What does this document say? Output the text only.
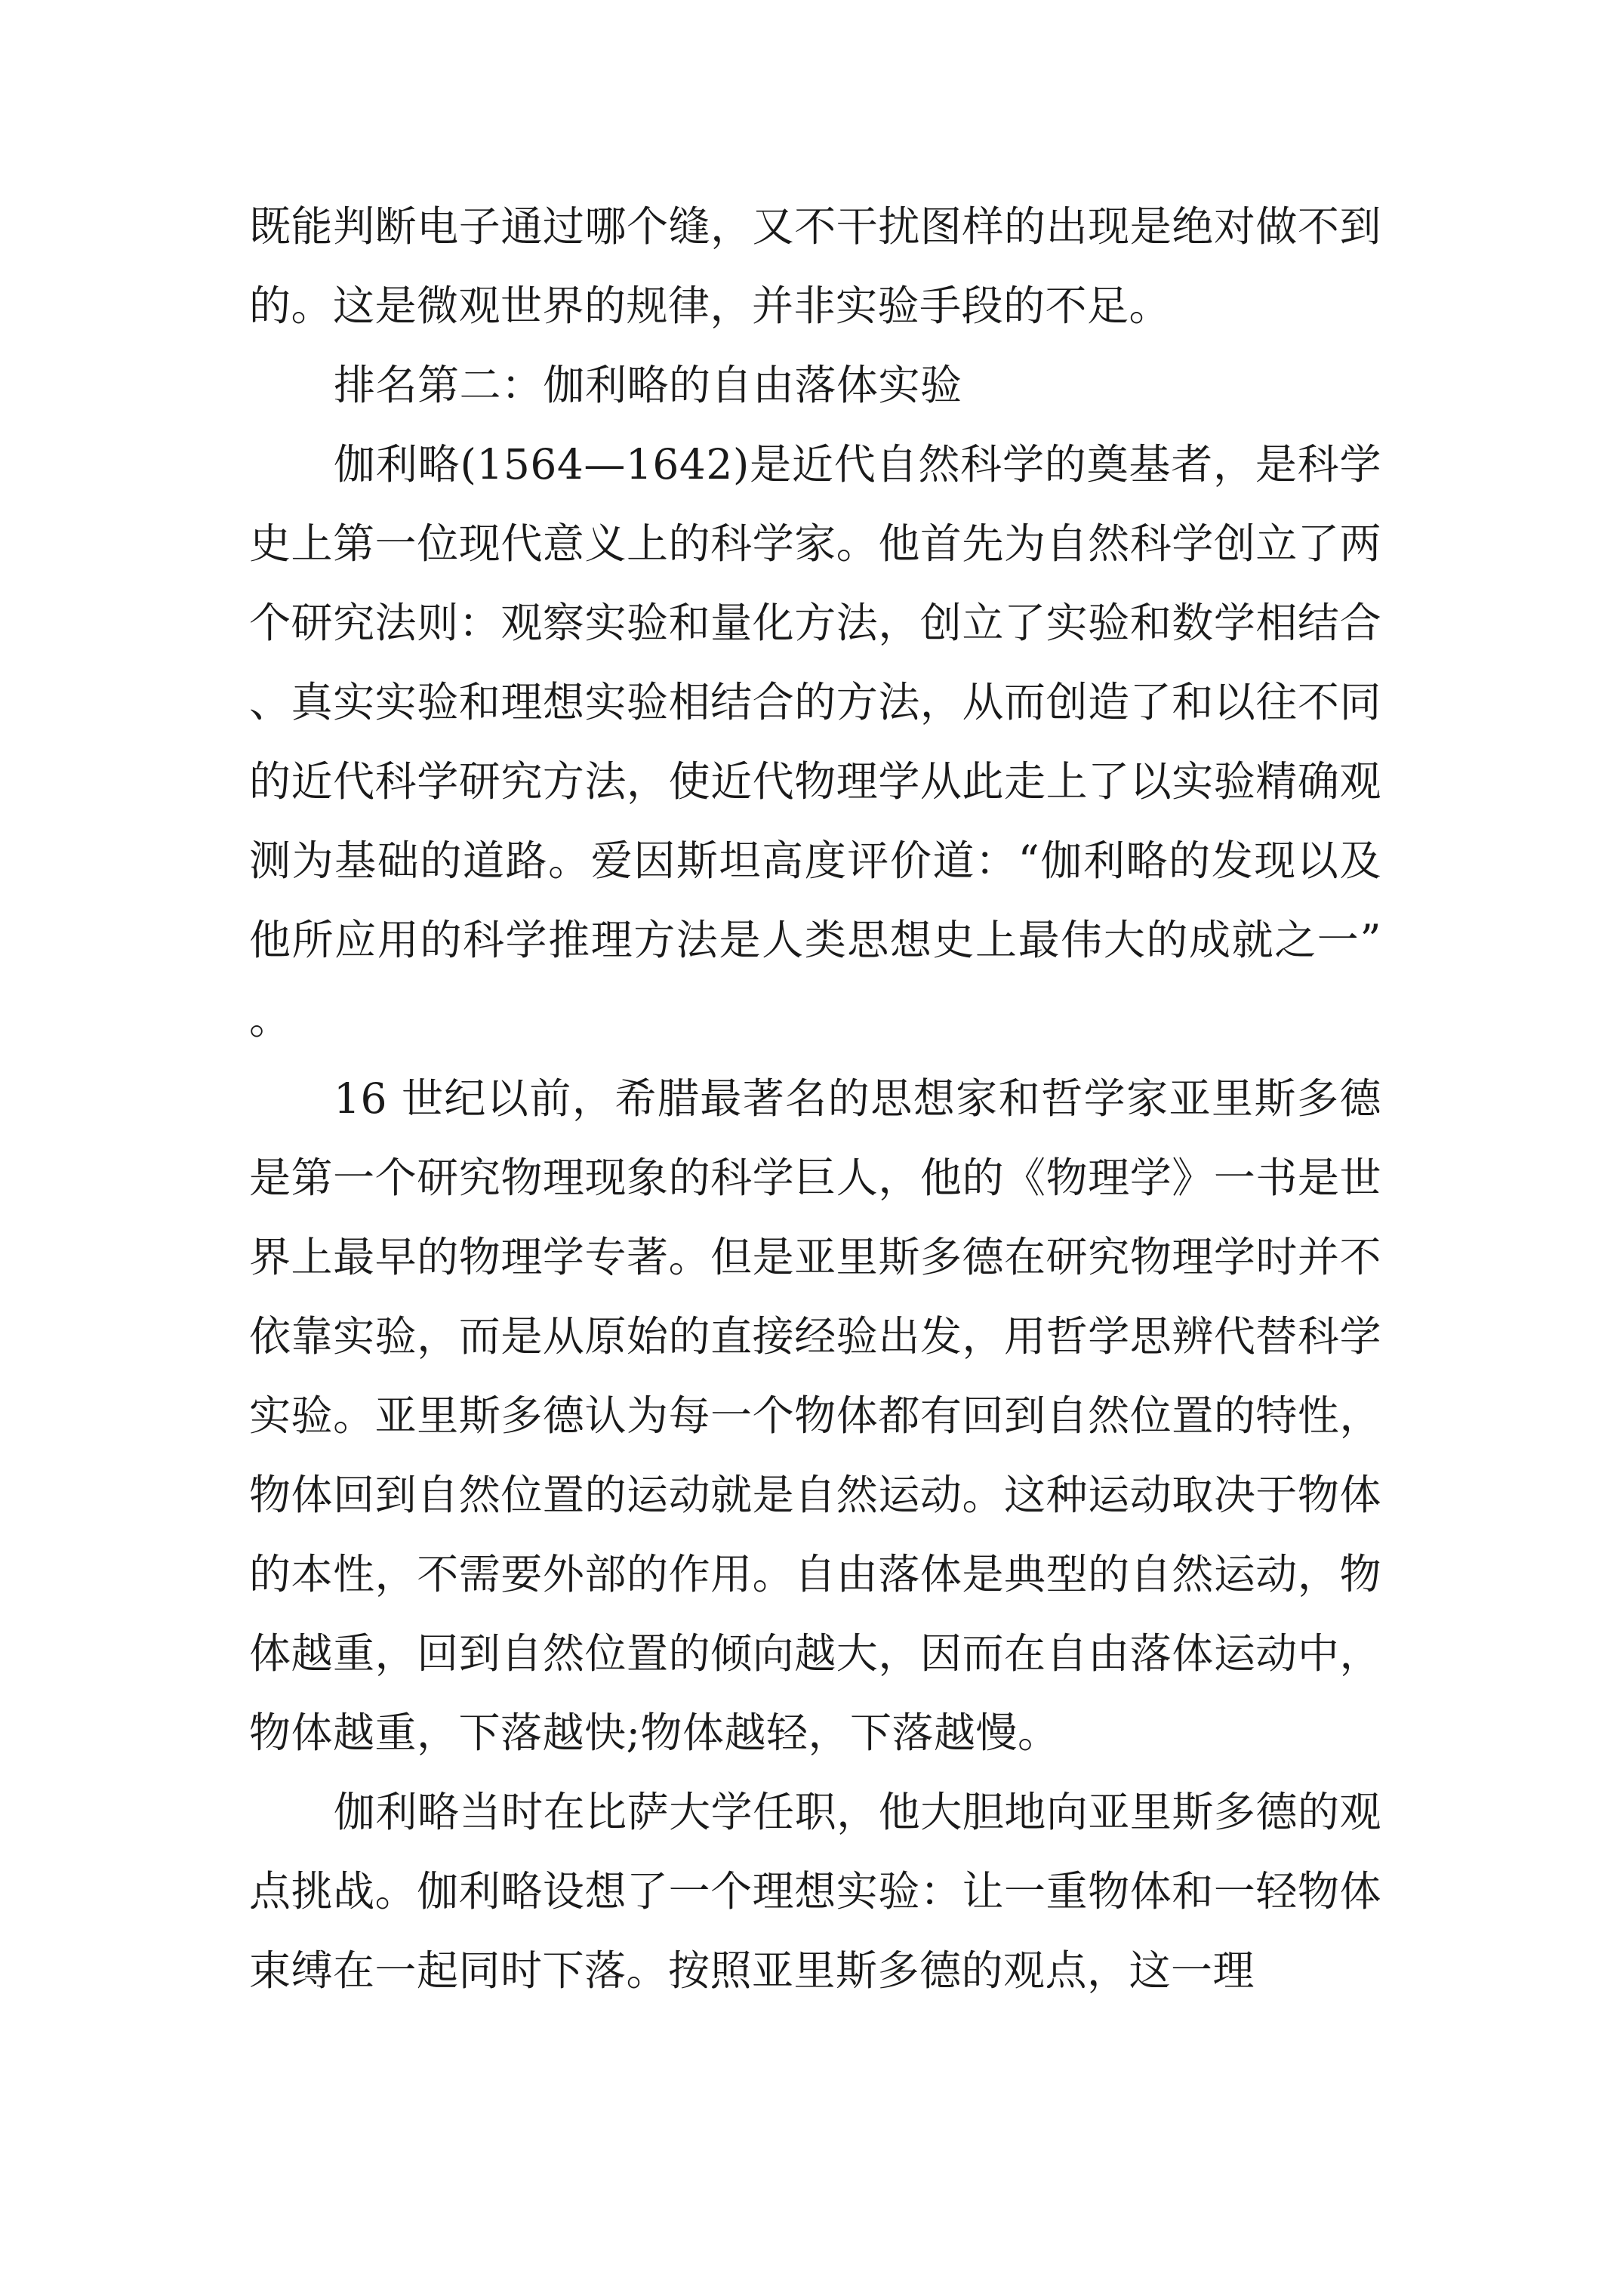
既能判断电子通过哪个缝，又不干扰图样的出现是绝对做不到的。这是微观世界的规律，并非实验手段的不足。

排名第二：伽利略的自由落体实验

伽利略(1564—1642)是近代自然科学的奠基者，是科学史上第一位现代意义上的科学家。他首先为自然科学创立了两个研究法则：观察实验和量化方法，创立了实验和数学相结合、真实实验和理想实验相结合的方法，从而创造了和以往不同的近代科学研究方法，使近代物理学从此走上了以实验精确观测为基础的道路。爱因斯坦高度评价道：“伽利略的发现以及他所应用的科学推理方法是人类思想史上最伟大的成就之一”。

16 世纪以前，希腊最著名的思想家和哲学家亚里斯多德是第一个研究物理现象的科学巨人，他的《物理学》一书是世界上最早的物理学专著。但是亚里斯多德在研究物理学时并不依靠实验，而是从原始的直接经验出发，用哲学思辨代替科学实验。亚里斯多德认为每一个物体都有回到自然位置的特性，物体回到自然位置的运动就是自然运动。这种运动取决于物体的本性，不需要外部的作用。自由落体是典型的自然运动，物体越重，回到自然位置的倾向越大，因而在自由落体运动中，物体越重，下落越快;物体越轻，下落越慢。

伽利略当时在比萨大学任职，他大胆地向亚里斯多德的观点挑战。伽利略设想了一个理想实验：让一重物体和一轻物体束缚在一起同时下落。按照亚里斯多德的观点，这一理
